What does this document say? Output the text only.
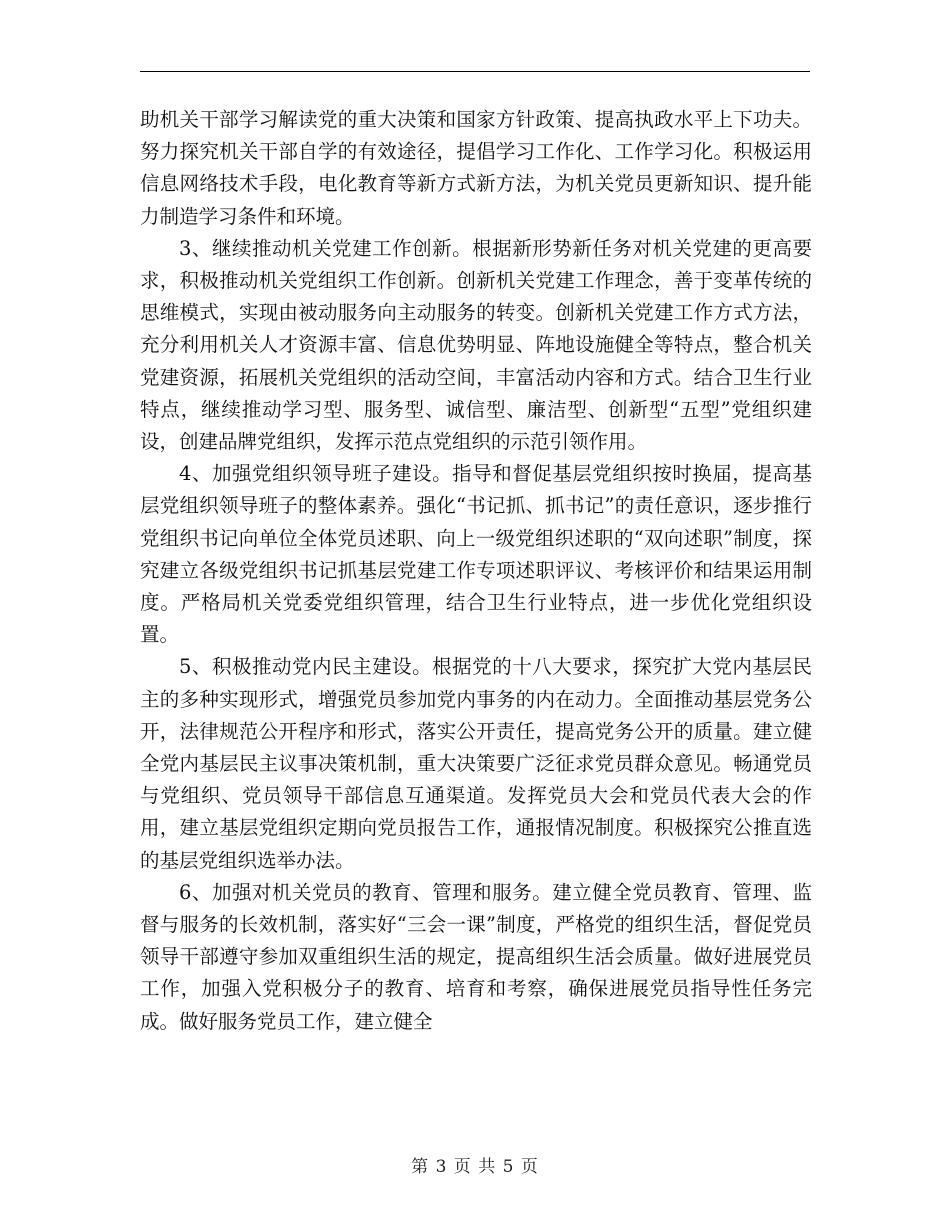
助机关干部学习解读党的重大决策和国家方针政策、提高执政水平上下功夫。努力探究机关干部自学的有效途径，提倡学习工作化、工作学习化。积极运用信息网络技术手段，电化教育等新方式新方法，为机关党员更新知识、提升能力制造学习条件和环境。

3、继续推动机关党建工作创新。根据新形势新任务对机关党建的更高要求，积极推动机关党组织工作创新。创新机关党建工作理念，善于变革传统的思维模式，实现由被动服务向主动服务的转变。创新机关党建工作方式方法，充分利用机关人才资源丰富、信息优势明显、阵地设施健全等特点，整合机关党建资源，拓展机关党组织的活动空间，丰富活动内容和方式。结合卫生行业特点，继续推动学习型、服务型、诚信型、廉洁型、创新型“五型”党组织建设，创建品牌党组织，发挥示范点党组织的示范引领作用。

4、加强党组织领导班子建设。指导和督促基层党组织按时换届，提高基层党组织领导班子的整体素养。强化“书记抓、抓书记”的责任意识，逐步推行党组织书记向单位全体党员述职、向上一级党组织述职的“双向述职”制度，探究建立各级党组织书记抓基层党建工作专项述职评议、考核评价和结果运用制度。严格局机关党委党组织管理，结合卫生行业特点，进一步优化党组织设置。

5、积极推动党内民主建设。根据党的十八大要求，探究扩大党内基层民主的多种实现形式，增强党员参加党内事务的内在动力。全面推动基层党务公开，法律规范公开程序和形式，落实公开责任，提高党务公开的质量。建立健全党内基层民主议事决策机制，重大决策要广泛征求党员群众意见。畅通党员与党组织、党员领导干部信息互通渠道。发挥党员大会和党员代表大会的作用，建立基层党组织定期向党员报告工作，通报情况制度。积极探究公推直选的基层党组织选举办法。

6、加强对机关党员的教育、管理和服务。建立健全党员教育、管理、监督与服务的长效机制，落实好“三会一课”制度，严格党的组织生活，督促党员领导干部遵守参加双重组织生活的规定，提高组织生活会质量。做好进展党员工作，加强入党积极分子的教育、培育和考察，确保进展党员指导性任务完成。做好服务党员工作，建立健全

第 3 页 共 5 页
